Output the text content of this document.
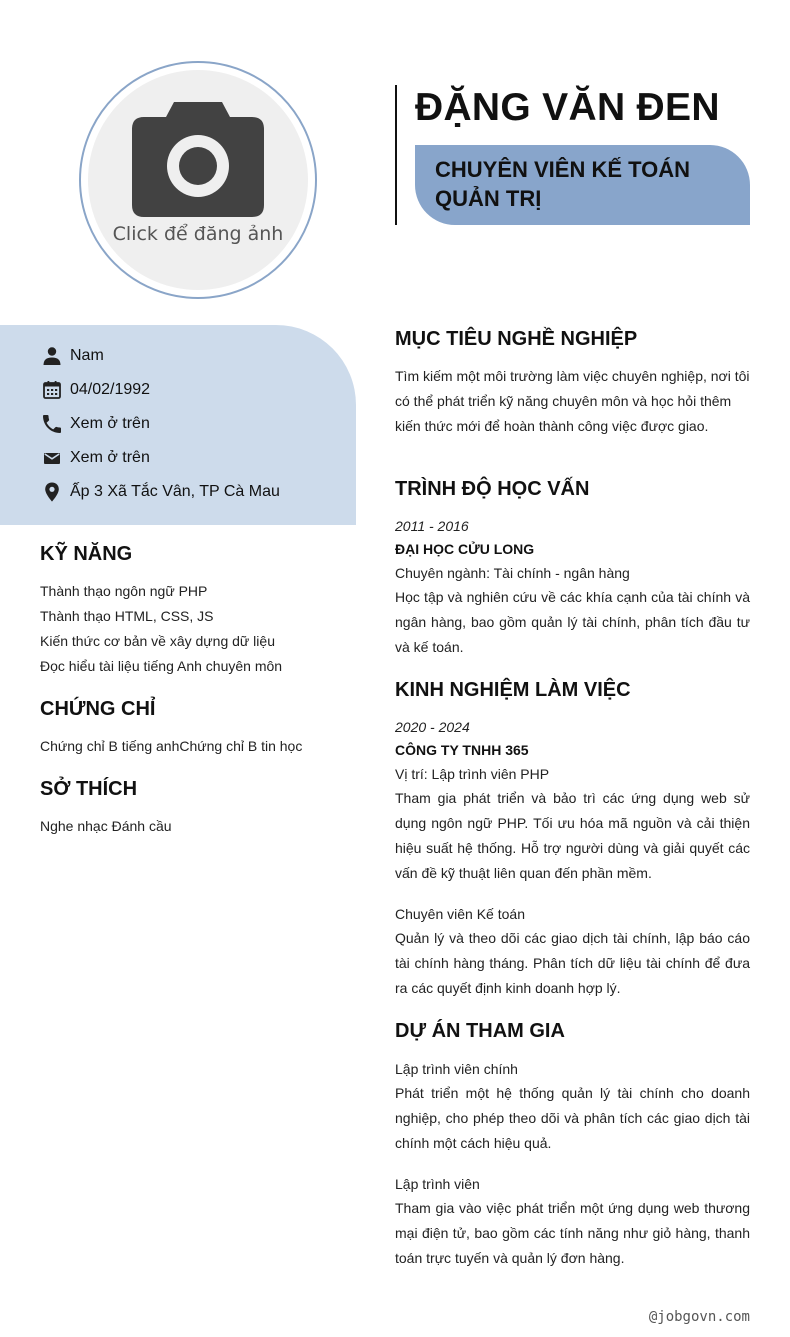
Click để đăng ảnh
ĐẶNG VĂN ĐEN
CHUYÊN VIÊN KẾ TOÁN QUẢN TRỊ
Nam
04/02/1992
Xem ở trên
Xem ở trên
Ấp 3 Xã Tắc Vân, TP Cà Mau
KỸ NĂNG
Thành thạo ngôn ngữ PHP
Thành thạo HTML, CSS, JS
Kiến thức cơ bản về xây dựng dữ liệu
Đọc hiểu tài liệu tiếng Anh chuyên môn
CHỨNG CHỈ
Chứng chỉ B tiếng anhChứng chỉ B tin học
SỞ THÍCH
Nghe nhạc Đánh cầu
MỤC TIÊU NGHỀ NGHIỆP
Tìm kiếm một môi trường làm việc chuyên nghiệp, nơi tôi
có thể phát triển kỹ năng chuyên môn và học hỏi thêm
kiến thức mới để hoàn thành công việc được giao.
TRÌNH ĐỘ HỌC VẤN
2011 - 2016
ĐẠI HỌC CỬU LONG
Chuyên ngành: Tài chính - ngân hàng
Học tập và nghiên cứu về các khía cạnh của tài chính và ngân hàng, bao gồm quản lý tài chính, phân tích đầu tư và kế toán.
KINH NGHIỆM LÀM VIỆC
2020 - 2024
CÔNG TY TNHH 365
Vị trí: Lập trình viên PHP
Tham gia phát triển và bảo trì các ứng dụng web sử dụng ngôn ngữ PHP. Tối ưu hóa mã nguồn và cải thiện hiệu suất hệ thống. Hỗ trợ người dùng và giải quyết các vấn đề kỹ thuật liên quan đến phần mềm.
Chuyên viên Kế toán
Quản lý và theo dõi các giao dịch tài chính, lập báo cáo tài chính hàng tháng. Phân tích dữ liệu tài chính để đưa ra các quyết định kinh doanh hợp lý.
DỰ ÁN THAM GIA
Lập trình viên chính
Phát triển một hệ thống quản lý tài chính cho doanh nghiệp, cho phép theo dõi và phân tích các giao dịch tài chính một cách hiệu quả.
Lập trình viên
Tham gia vào việc phát triển một ứng dụng web thương mại điện tử, bao gồm các tính năng như giỏ hàng, thanh toán trực tuyến và quản lý đơn hàng.
@jobgovn.com
